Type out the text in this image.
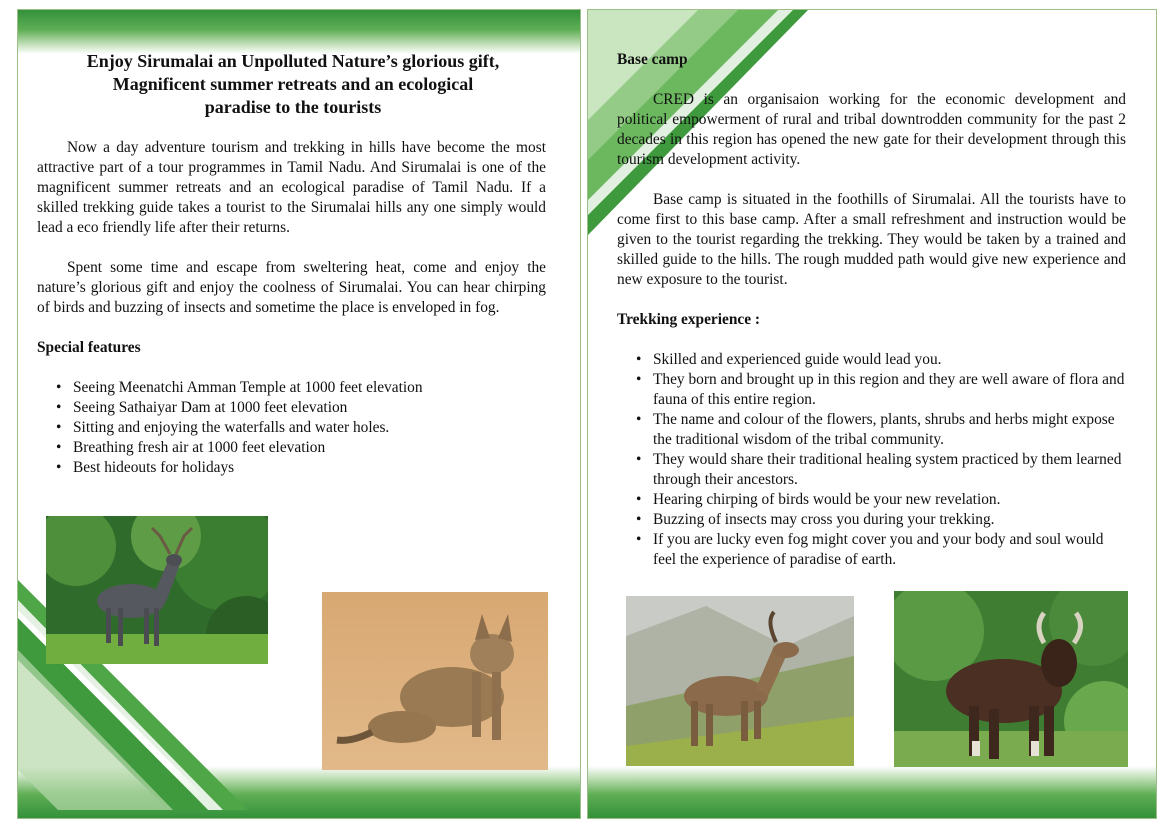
Enjoy Sirumalai an Unpolluted Nature’s glorious gift,
Magnificent summer retreats and an ecological
paradise to the tourists

Now a day adventure tourism and trekking in hills have become the most attractive part of a tour programmes in Tamil Nadu. And Sirumalai is one of the magnificent summer retreats and an ecological paradise of Tamil Nadu. If a skilled trekking guide takes a tourist to the Sirumalai hills any one simply would lead a eco friendly life after their returns.

Spent some time and escape from sweltering heat, come and enjoy the nature’s glorious gift and enjoy the coolness of Sirumalai. You can hear chirping of birds and buzzing of insects and sometime the place is enveloped in fog.

Special features

• Seeing Meenatchi Amman Temple at 1000 feet elevation
• Seeing Sathaiyar Dam at 1000 feet elevation
• Sitting and enjoying the waterfalls and water holes.
• Breathing fresh air at 1000 feet elevation
• Best hideouts for holidays

Base camp

CRED is an organisaion working for the economic development and political empowerment of rural and tribal downtrodden community for the past 2 decades in this region has opened the new gate for their development through this tourism development activity.

Base camp is situated in the foothills of Sirumalai. All the tourists have to come first to this base camp. After a small refreshment and instruction would be given to the tourist regarding the trekking. They would be taken by a trained and skilled guide to the hills. The rough mudded path would give new experience and new exposure to the tourist.

Trekking experience :

• Skilled and experienced guide would lead you.
• They born and brought up in this region and they are well aware of flora and fauna of this entire region.
• The name and colour of the flowers, plants, shrubs and herbs might expose the traditional wisdom of the tribal community.
• They would share their traditional healing system practiced by them learned through their ancestors.
• Hearing chirping of birds would be your new revelation.
• Buzzing of insects may cross you during your trekking.
• If you are lucky even fog might cover you and your body and soul would feel the experience of paradise of earth.
